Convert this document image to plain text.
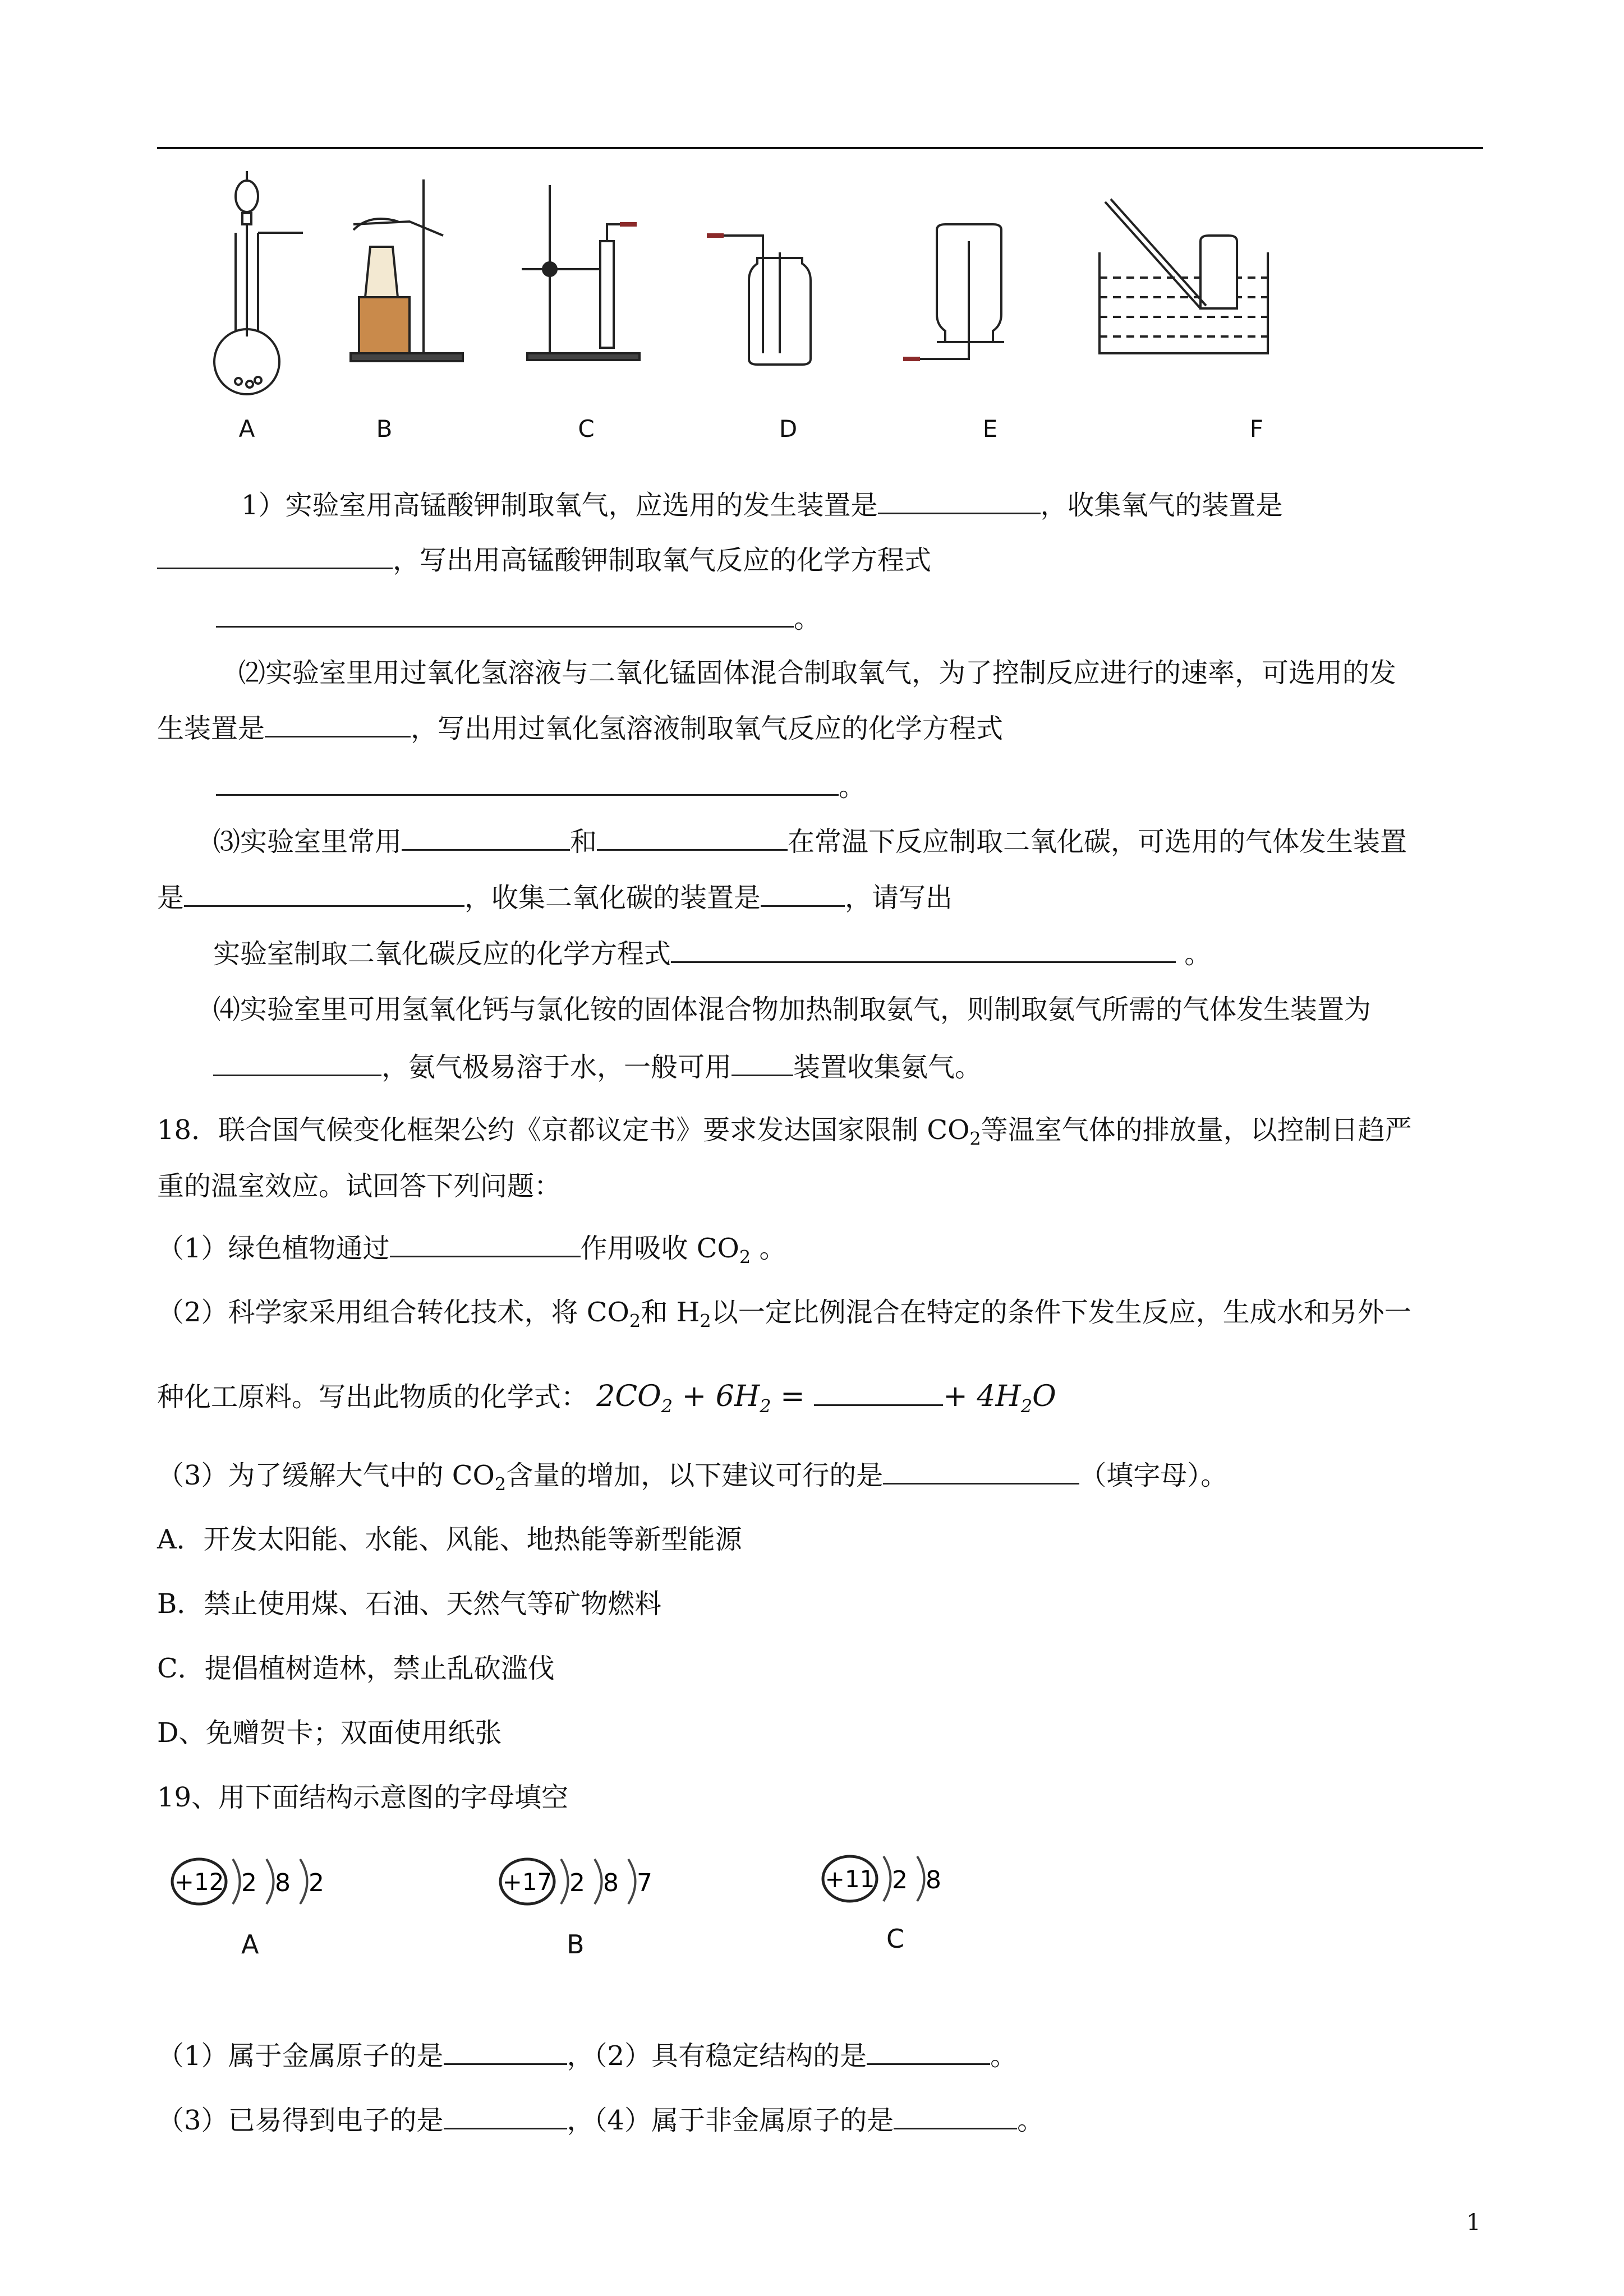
A	B	C	D	E	F
1）实验室用高锰酸钾制取氧气，应选用的发生装置是	，收集氧气的装置是
，写出用高锰酸钾制取氧气反应的化学方程式
。
⑵实验室里用过氧化氢溶液与二氧化锰固体混合制取氧气，为了控制反应进行的速率，可选用的发
生装置是	，写出用过氧化氢溶液制取氧气反应的化学方程式
。
⑶实验室里常用	和	在常温下反应制取二氧化碳，可选用的气体发生装置
是	，收集二氧化碳的装置是	，请写出
实验室制取二氧化碳反应的化学方程式	。
⑷实验室里可用氢氧化钙与氯化铵的固体混合物加热制取氨气，则制取氨气所需的气体发生装置为
，氨气极易溶于水，一般可用 装置收集氨气。
18．联合国气候变化框架公约《京都议定书》要求发达国家限制 $CO_2$等温室气体的排放量，以控制日趋严
重的温室效应。试回答下列问题：
（1）绿色植物通过	作用吸收 $CO_2$ 。
（2）科学家采用组合转化技术，将 $CO_2$和 $H_2$以一定比例混合在特定的条件下发生反应，生成水和另外一
种化工原料。写出此物质的化学式： $2CO_2 + 6H_2$ =	+ $4H_2O$
（3）为了缓解大气中的 $CO_2$含量的增加，以下建议可行的是	（填字母）。
A．开发太阳能、水能、风能、地热能等新型能源
B．禁止使用煤、石油、天然气等矿物燃料
C．提倡植树造林，禁止乱砍滥伐
D、免赠贺卡；双面使用纸张
19、用下面结构示意图的字母填空
+12 2 8 2
A
+17 2 8 7
B
+11 2 8
C
（1）属于金属原子的是	，（2）具有稳定结构的是	。
（3）已易得到电子的是	，（4）属于非金属原子的是	。
1
